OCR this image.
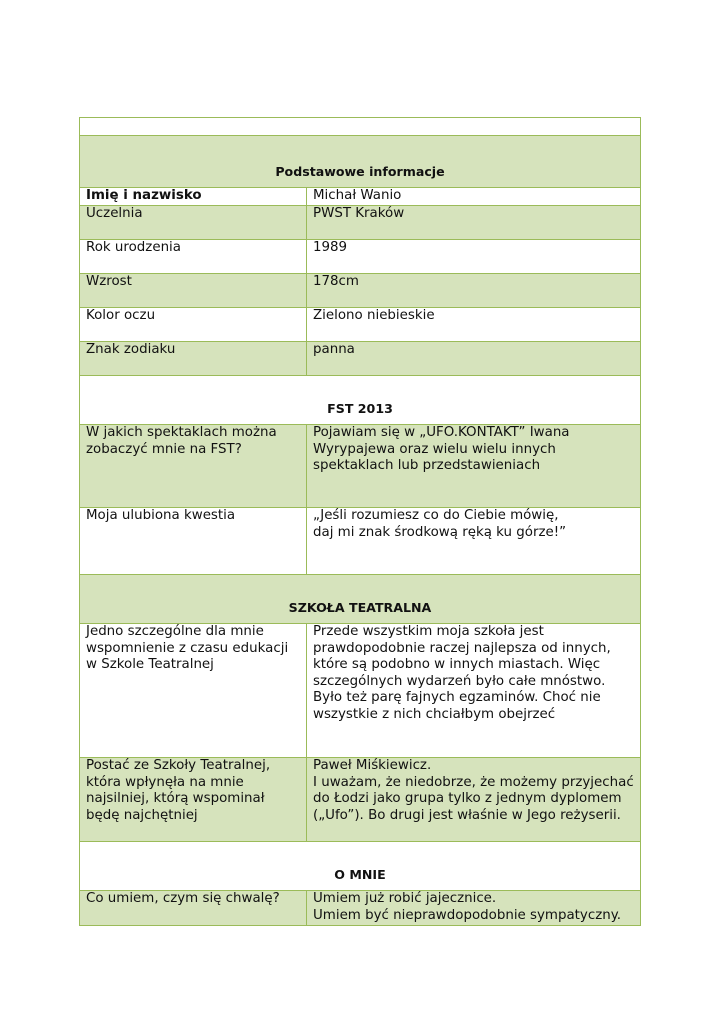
Podstawowe informacje	
Imię i nazwisko	Michał Wanio
Uczelnia	PWST Kraków
Rok urodzenia	1989
Wzrost	178cm
Kolor oczu	Zielono niebieskie
Znak zodiaku	panna
FST 2013	
W jakich spektaklach można zobaczyć mnie na FST?	Pojawiam się w „UFO.KONTAKT” Iwana Wyrypajewa oraz wielu wielu innych spektaklach lub przedstawieniach
Moja ulubiona kwestia	„Jeśli rozumiesz co do Ciebie mówię,
daj mi znak środkową ręką ku górze!”

SZKOŁA TEATRALNA	
Jedno szczególne dla mnie wspomnienie z czasu edukacji w Szkole Teatralnej	Przede wszystkim moja szkoła jest prawdopodobnie raczej najlepsza od innych, które są podobno w innych miastach. Więc szczególnych wydarzeń było całe mnóstwo. Było też parę fajnych egzaminów. Choć nie wszystkie z nich chciałbym obejrzeć
Postać ze Szkoły Teatralnej, która wpłynęła na mnie najsilniej, którą wspominał będę najchętniej	Paweł Miśkiewicz.
I uważam, że niedobrze, że możemy przyjechać do Łodzi jako grupa tylko z jednym dyplomem („Ufo”). Bo drugi jest właśnie w Jego reżyserii.

O MNIE	
Co umiem, czym się chwalę?	Umiem już robić jajecznice.
Umiem być nieprawdopodobnie sympatyczny.
